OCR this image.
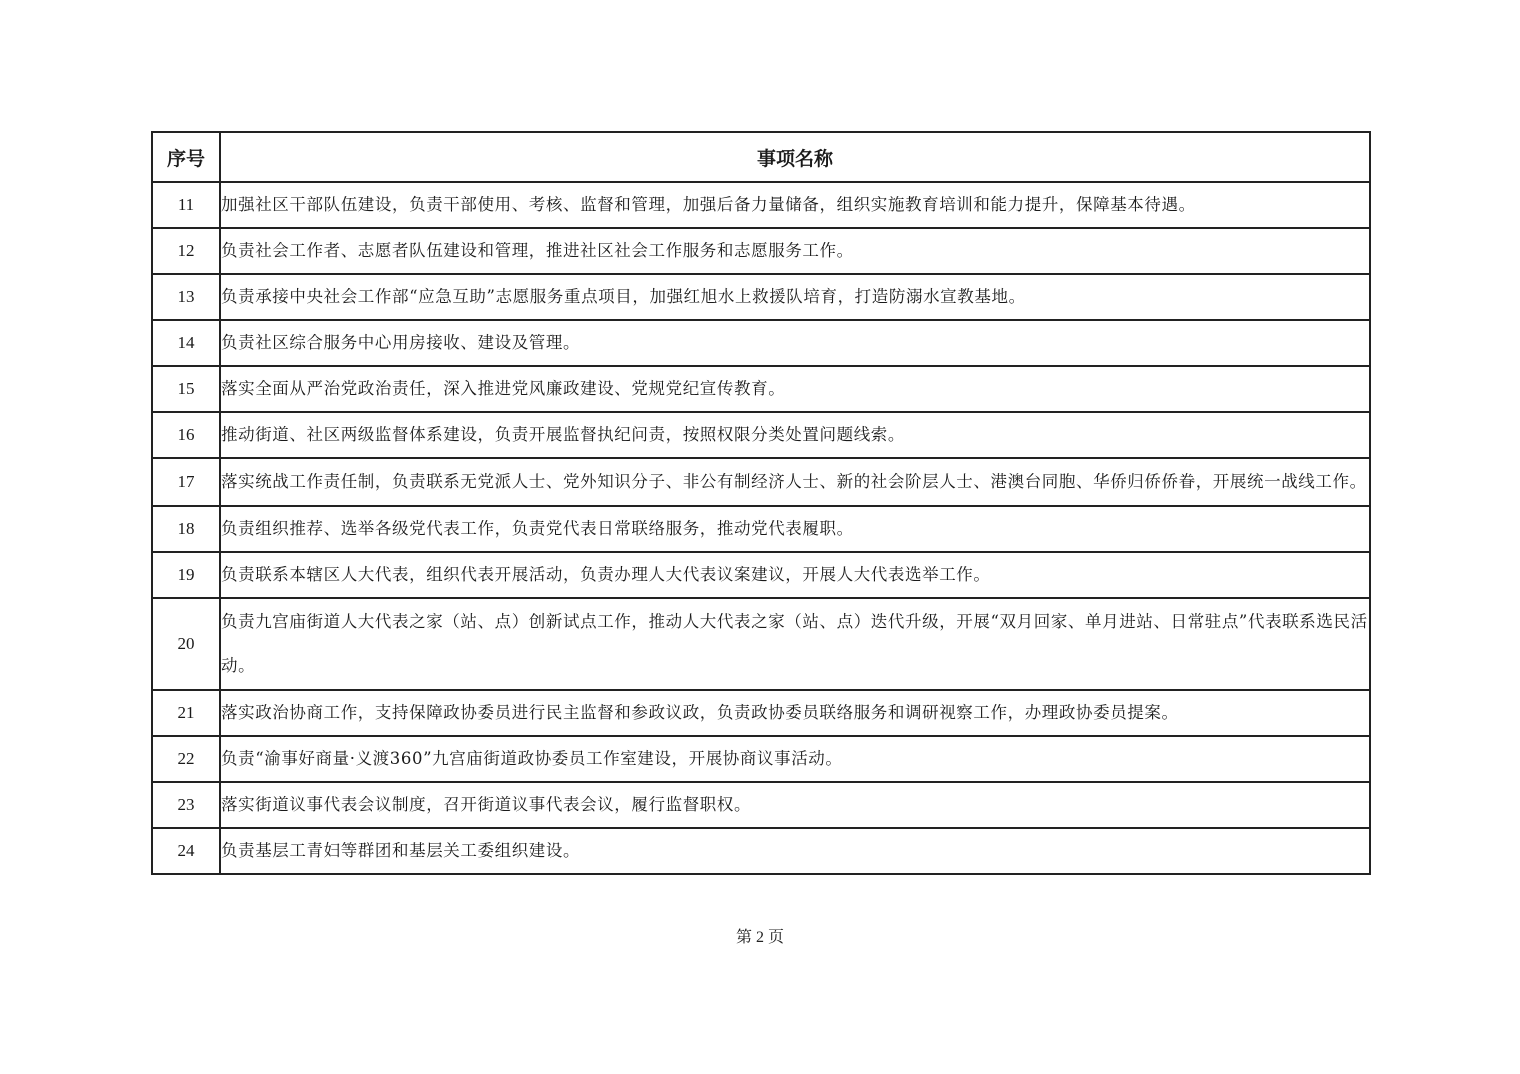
序号	事项名称
11	加强社区干部队伍建设，负责干部使用、考核、监督和管理，加强后备力量储备，组织实施教育培训和能力提升，保障基本待遇。
12	负责社会工作者、志愿者队伍建设和管理，推进社区社会工作服务和志愿服务工作。
13	负责承接中央社会工作部“应急互助”志愿服务重点项目，加强红旭水上救援队培育，打造防溺水宣教基地。
14	负责社区综合服务中心用房接收、建设及管理。
15	落实全面从严治党政治责任，深入推进党风廉政建设、党规党纪宣传教育。
16	推动街道、社区两级监督体系建设，负责开展监督执纪问责，按照权限分类处置问题线索。
17	落实统战工作责任制，负责联系无党派人士、党外知识分子、非公有制经济人士、新的社会阶层人士、港澳台同胞、华侨归侨侨眷，开展统一战线工作。
18	负责组织推荐、选举各级党代表工作，负责党代表日常联络服务，推动党代表履职。
19	负责联系本辖区人大代表，组织代表开展活动，负责办理人大代表议案建议，开展人大代表选举工作。
20	负责九宫庙街道人大代表之家（站、点）创新试点工作，推动人大代表之家（站、点）迭代升级，开展“双月回家、单月进站、日常驻点”代表联系选民活动。
21	落实政治协商工作，支持保障政协委员进行民主监督和参政议政，负责政协委员联络服务和调研视察工作，办理政协委员提案。
22	负责“渝事好商量·义渡360”九宫庙街道政协委员工作室建设，开展协商议事活动。
23	落实街道议事代表会议制度，召开街道议事代表会议，履行监督职权。
24	负责基层工青妇等群团和基层关工委组织建设。
第 2 页
